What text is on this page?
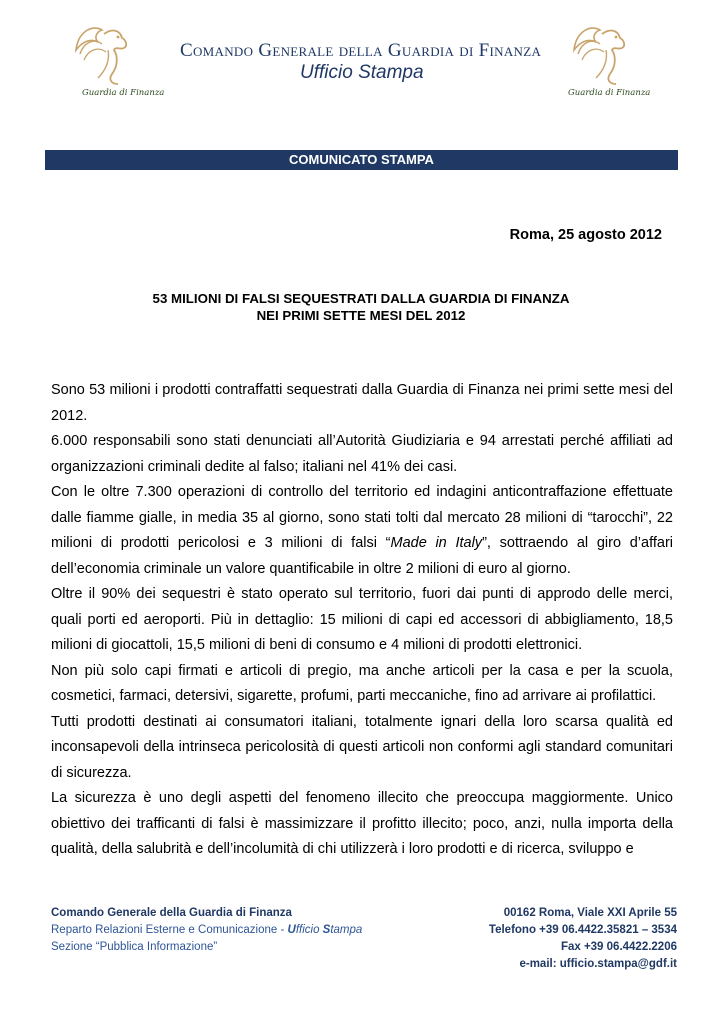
Guardia di Finanza
Comando Generale della Guardia di Finanza
Ufficio Stampa
Guardia di Finanza
COMUNICATO STAMPA
Roma, 25 agosto 2012
53 MILIONI DI FALSI SEQUESTRATI DALLA GUARDIA DI FINANZA
NEI PRIMI SETTE MESI DEL 2012

Sono 53 milioni i prodotti contraffatti sequestrati dalla Guardia di Finanza nei primi sette mesi del 2012.

6.000 responsabili sono stati denunciati all’Autorità Giudiziaria e 94 arrestati perché affiliati ad organizzazioni criminali dedite al falso; italiani nel 41% dei casi.

Con le oltre 7.300 operazioni di controllo del territorio ed indagini anticontraffazione effettuate dalle fiamme gialle, in media 35 al giorno, sono stati tolti dal mercato 28 milioni di “tarocchi”, 22 milioni di prodotti pericolosi e 3 milioni di falsi “Made in Italy”, sottraendo al giro d’affari dell’economia criminale un valore quantificabile in oltre 2 milioni di euro al giorno.

Oltre il 90% dei sequestri è stato operato sul territorio, fuori dai punti di approdo delle merci, quali porti ed aeroporti. Più in dettaglio: 15 milioni di capi ed accessori di abbigliamento, 18,5 milioni di giocattoli, 15,5 milioni di beni di consumo e 4 milioni di prodotti elettronici.

Non più solo capi firmati e articoli di pregio, ma anche articoli per la casa e per la scuola, cosmetici, farmaci, detersivi, sigarette, profumi, parti meccaniche, fino ad arrivare ai profilattici.

Tutti prodotti destinati ai consumatori italiani, totalmente ignari della loro scarsa qualità ed inconsapevoli della intrinseca pericolosità di questi articoli non conformi agli standard comunitari di sicurezza.

La sicurezza è uno degli aspetti del fenomeno illecito che preoccupa maggiormente. Unico obiettivo dei trafficanti di falsi è massimizzare il profitto illecito; poco, anzi, nulla importa della qualità, della salubrità e dell’incolumità di chi utilizzerà i loro prodotti e di ricerca, sviluppo e

Comando Generale della Guardia di Finanza
Reparto Relazioni Esterne e Comunicazione - Ufficio Stampa
Sezione “Pubblica Informazione”
00162 Roma, Viale XXI Aprile 55
Telefono +39 06.4422.35821 – 3534
Fax +39 06.4422.2206
e-mail: ufficio.stampa@gdf.it
